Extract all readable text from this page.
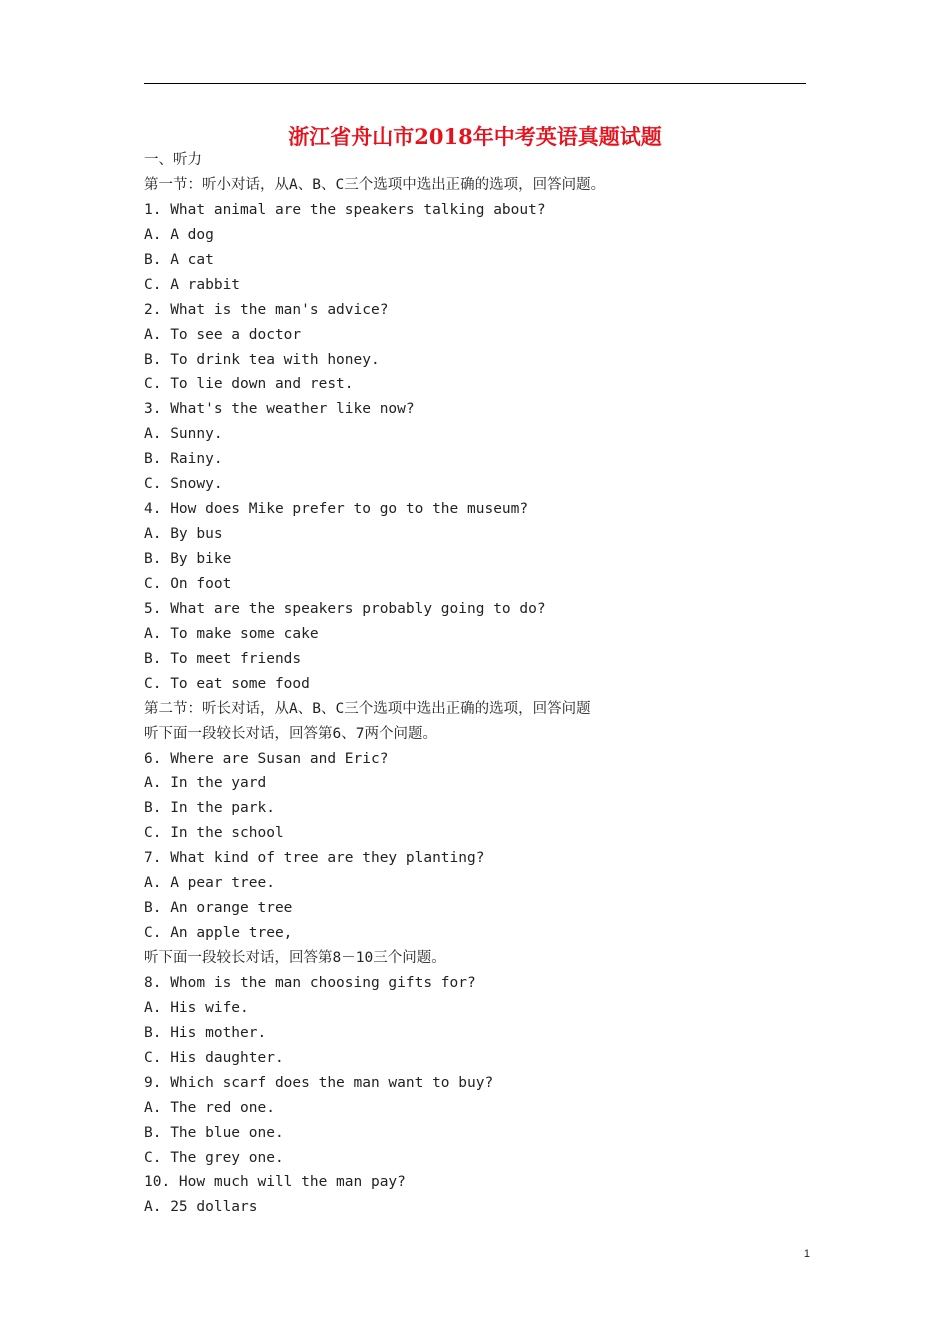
浙江省舟山市2018年中考英语真题试题
一、听力
第一节：听小对话，从A、B、C三个选项中选出正确的选项，回答问题。
1. What animal are the speakers talking about?
A. A dog
B. A cat
C. A rabbit
2. What is the man's advice?
A. To see a doctor
B. To drink tea with honey.
C. To lie down and rest.
3. What's the weather like now?
A. Sunny.
B. Rainy.
C. Snowy.
4. How does Mike prefer to go to the museum?
A. By bus
B. By bike
C. On foot
5. What are the speakers probably going to do?
A. To make some cake
B. To meet friends
C. To eat some food
第二节：听长对话，从A、B、C三个选项中选出正确的选项，回答问题
听下面一段较长对话，回答第6、7两个问题。
6. Where are Susan and Eric?
A. In the yard
B. In the park.
C. In the school
7. What kind of tree are they planting?
A. A pear tree.
B. An orange tree
C. An apple tree,
听下面一段较长对话，回答第8－10三个问题。
8. Whom is the man choosing gifts for?
A. His wife.
B. His mother.
C. His daughter.
9. Which scarf does the man want to buy?
A. The red one.
B. The blue one.
C. The grey one.
10. How much will the man pay?
A. 25 dollars
1
